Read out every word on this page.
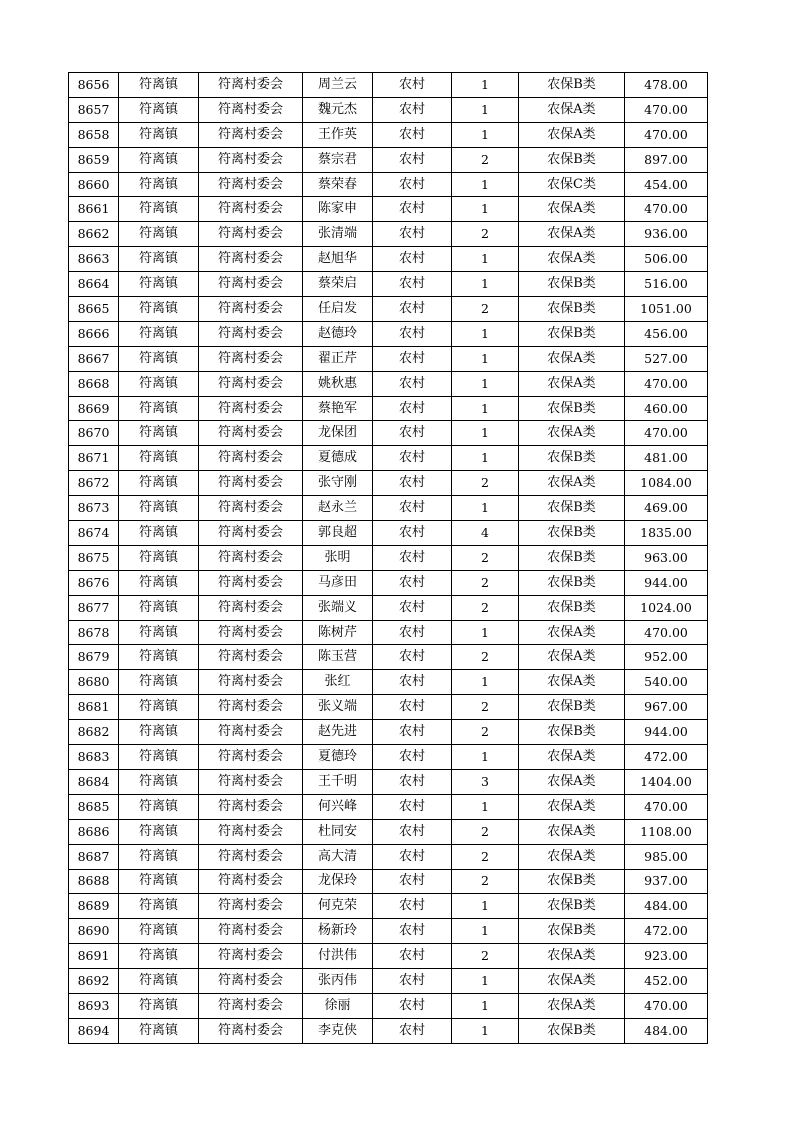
8656	符离镇	符离村委会	周兰云	农村	1	农保B类	478.00
8657	符离镇	符离村委会	魏元杰	农村	1	农保A类	470.00
8658	符离镇	符离村委会	王作英	农村	1	农保A类	470.00
8659	符离镇	符离村委会	蔡宗君	农村	2	农保B类	897.00
8660	符离镇	符离村委会	蔡荣春	农村	1	农保C类	454.00
8661	符离镇	符离村委会	陈家申	农村	1	农保A类	470.00
8662	符离镇	符离村委会	张清端	农村	2	农保A类	936.00
8663	符离镇	符离村委会	赵旭华	农村	1	农保A类	506.00
8664	符离镇	符离村委会	蔡荣启	农村	1	农保B类	516.00
8665	符离镇	符离村委会	任启发	农村	2	农保B类	1051.00
8666	符离镇	符离村委会	赵德玲	农村	1	农保B类	456.00
8667	符离镇	符离村委会	翟正芹	农村	1	农保A类	527.00
8668	符离镇	符离村委会	姚秋惠	农村	1	农保A类	470.00
8669	符离镇	符离村委会	蔡艳军	农村	1	农保B类	460.00
8670	符离镇	符离村委会	龙保团	农村	1	农保A类	470.00
8671	符离镇	符离村委会	夏德成	农村	1	农保B类	481.00
8672	符离镇	符离村委会	张守刚	农村	2	农保A类	1084.00
8673	符离镇	符离村委会	赵永兰	农村	1	农保B类	469.00
8674	符离镇	符离村委会	郭良超	农村	4	农保B类	1835.00
8675	符离镇	符离村委会	张明	农村	2	农保B类	963.00
8676	符离镇	符离村委会	马彦田	农村	2	农保B类	944.00
8677	符离镇	符离村委会	张端义	农村	2	农保B类	1024.00
8678	符离镇	符离村委会	陈树芹	农村	1	农保A类	470.00
8679	符离镇	符离村委会	陈玉营	农村	2	农保A类	952.00
8680	符离镇	符离村委会	张红	农村	1	农保A类	540.00
8681	符离镇	符离村委会	张义端	农村	2	农保B类	967.00
8682	符离镇	符离村委会	赵先进	农村	2	农保B类	944.00
8683	符离镇	符离村委会	夏德玲	农村	1	农保A类	472.00
8684	符离镇	符离村委会	王千明	农村	3	农保A类	1404.00
8685	符离镇	符离村委会	何兴峰	农村	1	农保A类	470.00
8686	符离镇	符离村委会	杜同安	农村	2	农保A类	1108.00
8687	符离镇	符离村委会	高大清	农村	2	农保A类	985.00
8688	符离镇	符离村委会	龙保玲	农村	2	农保B类	937.00
8689	符离镇	符离村委会	何克荣	农村	1	农保B类	484.00
8690	符离镇	符离村委会	杨新玲	农村	1	农保B类	472.00
8691	符离镇	符离村委会	付洪伟	农村	2	农保A类	923.00
8692	符离镇	符离村委会	张丙伟	农村	1	农保A类	452.00
8693	符离镇	符离村委会	徐丽	农村	1	农保A类	470.00
8694	符离镇	符离村委会	李克侠	农村	1	农保B类	484.00
